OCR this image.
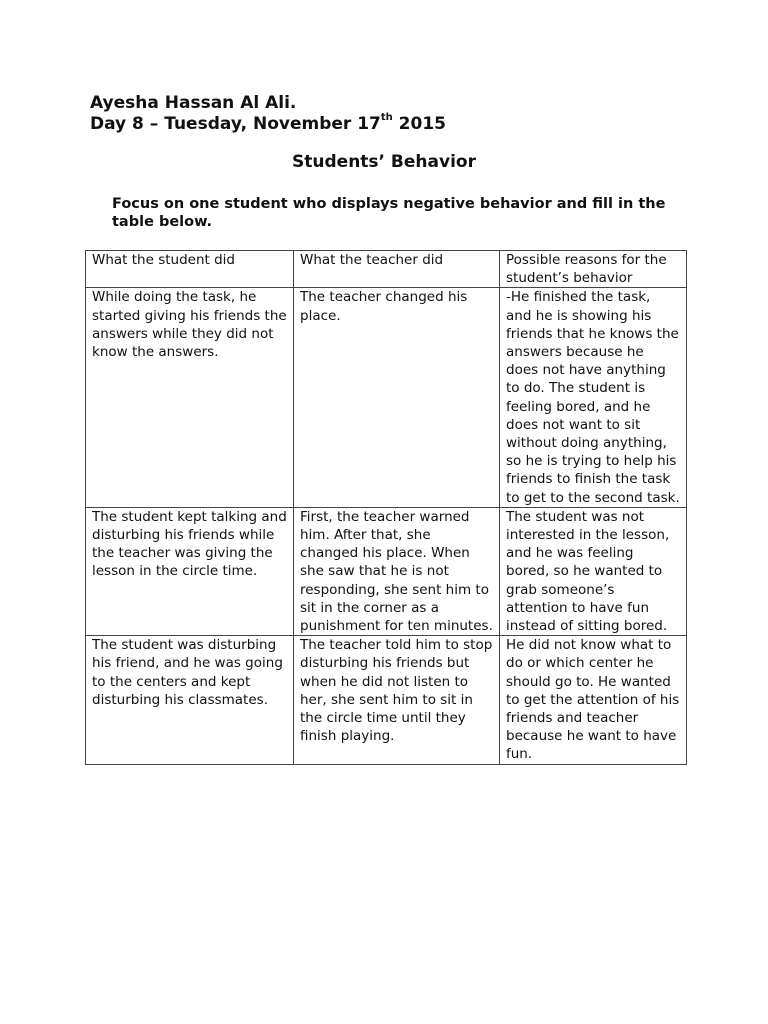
Ayesha Hassan Al Ali.

Day 8 – Tuesday, November 17th 2015

Students’ Behavior

Focus on one student who displays negative behavior and fill in the table below.

What the student did	What the teacher did	Possible reasons for the student’s behavior
While doing the task, he started giving his friends the answers while they did not know the answers.	The teacher changed his place.	-He finished the task, and he is showing his friends that he knows the answers because he does not have anything to do. The student is feeling bored, and he does not want to sit without doing anything, so he is trying to help his friends to finish the task to get to the second task.
The student kept talking and disturbing his friends while the teacher was giving the lesson in the circle time.	First, the teacher warned him. After that, she changed his place. When she saw that he is not responding, she sent him to sit in the corner as a punishment for ten minutes.	The student was not interested in the lesson, and he was feeling bored, so he wanted to grab someone’s attention to have fun instead of sitting bored.
The student was disturbing his friend, and he was going to the centers and kept disturbing his classmates.	The teacher told him to stop disturbing his friends but when he did not listen to her, she sent him to sit in the circle time until they finish playing.	He did not know what to do or which center he should go to. He wanted to get the attention of his friends and teacher because he want to have fun.
